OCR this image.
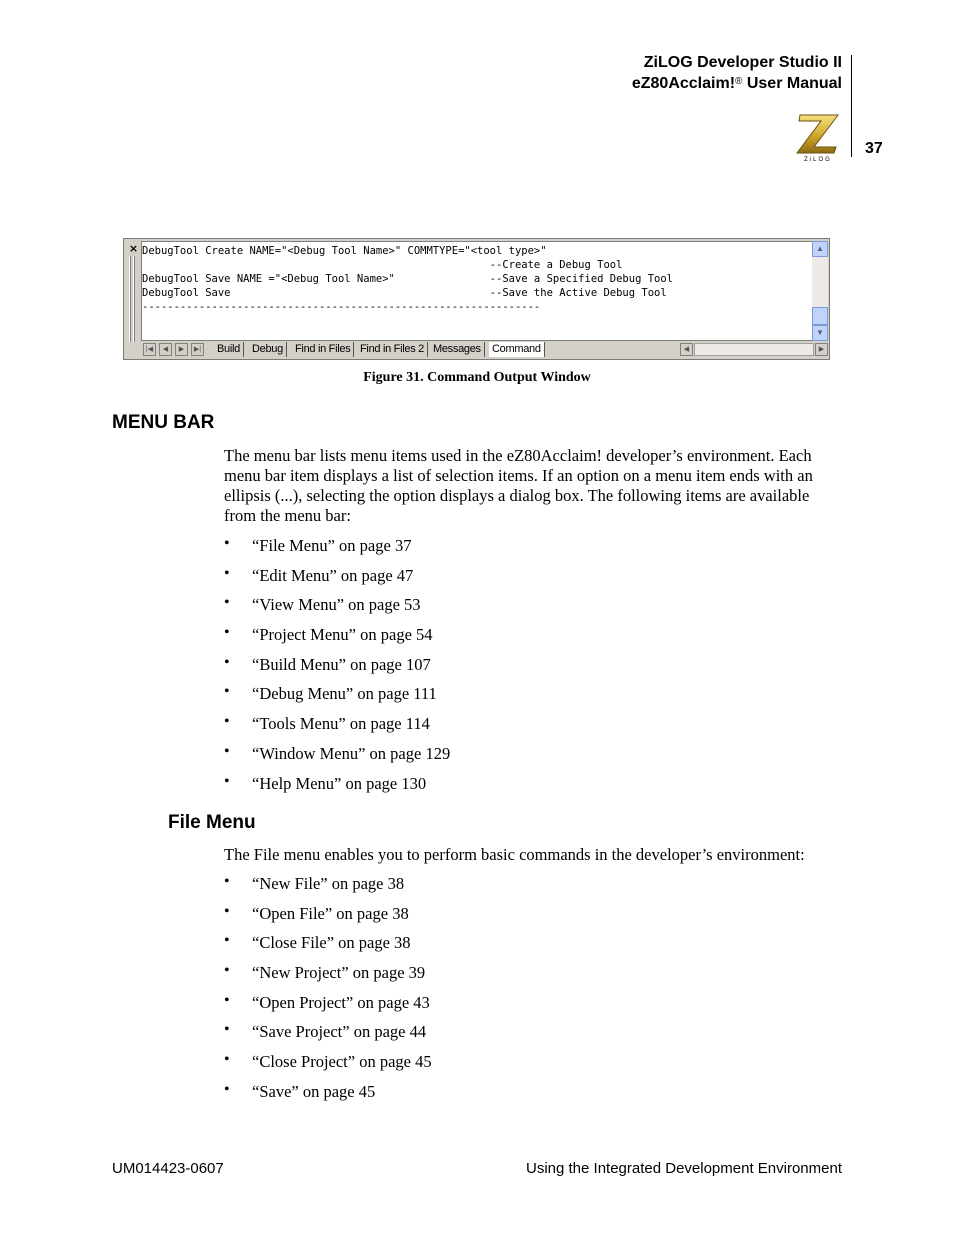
ZiLOG Developer Studio II
eZ80Acclaim!® User Manual
ZiLOG
37
× DebugTool Create NAME="<Debug Tool Name>" COMMTYPE="<tool type>"
--Create a Debug Tool
DebugTool Save NAME ="<Debug Tool Name>"               --Save a Specified Debug Tool
DebugTool Save                                         --Save the Active Debug Tool
---------------------------------------------------------------
▲
▼
|◀	◀	▶	▶| Build	Debug	Find in Files Find in Files 2 Messages	Command	◀	▶
Figure 31. Command Output Window
MENU BAR

The menu bar lists menu items used in the eZ80Acclaim! developer’s environment. Each menu bar item displays a list of selection items. If an option on a menu item ends with an ellipsis (...), selecting the option displays a dialog box. The following items are available from the menu bar:

• “File Menu” on page 37
• “Edit Menu” on page 47
• “View Menu” on page 53
• “Project Menu” on page 54
• “Build Menu” on page 107
• “Debug Menu” on page 111
• “Tools Menu” on page 114
• “Window Menu” on page 129
• “Help Menu” on page 130
File Menu

The File menu enables you to perform basic commands in the developer’s environment:

• “New File” on page 38
• “Open File” on page 38
• “Close File” on page 38
• “New Project” on page 39
• “Open Project” on page 43
• “Save Project” on page 44
• “Close Project” on page 45
• “Save” on page 45
UM014423-0607	Using the Integrated Development Environment
